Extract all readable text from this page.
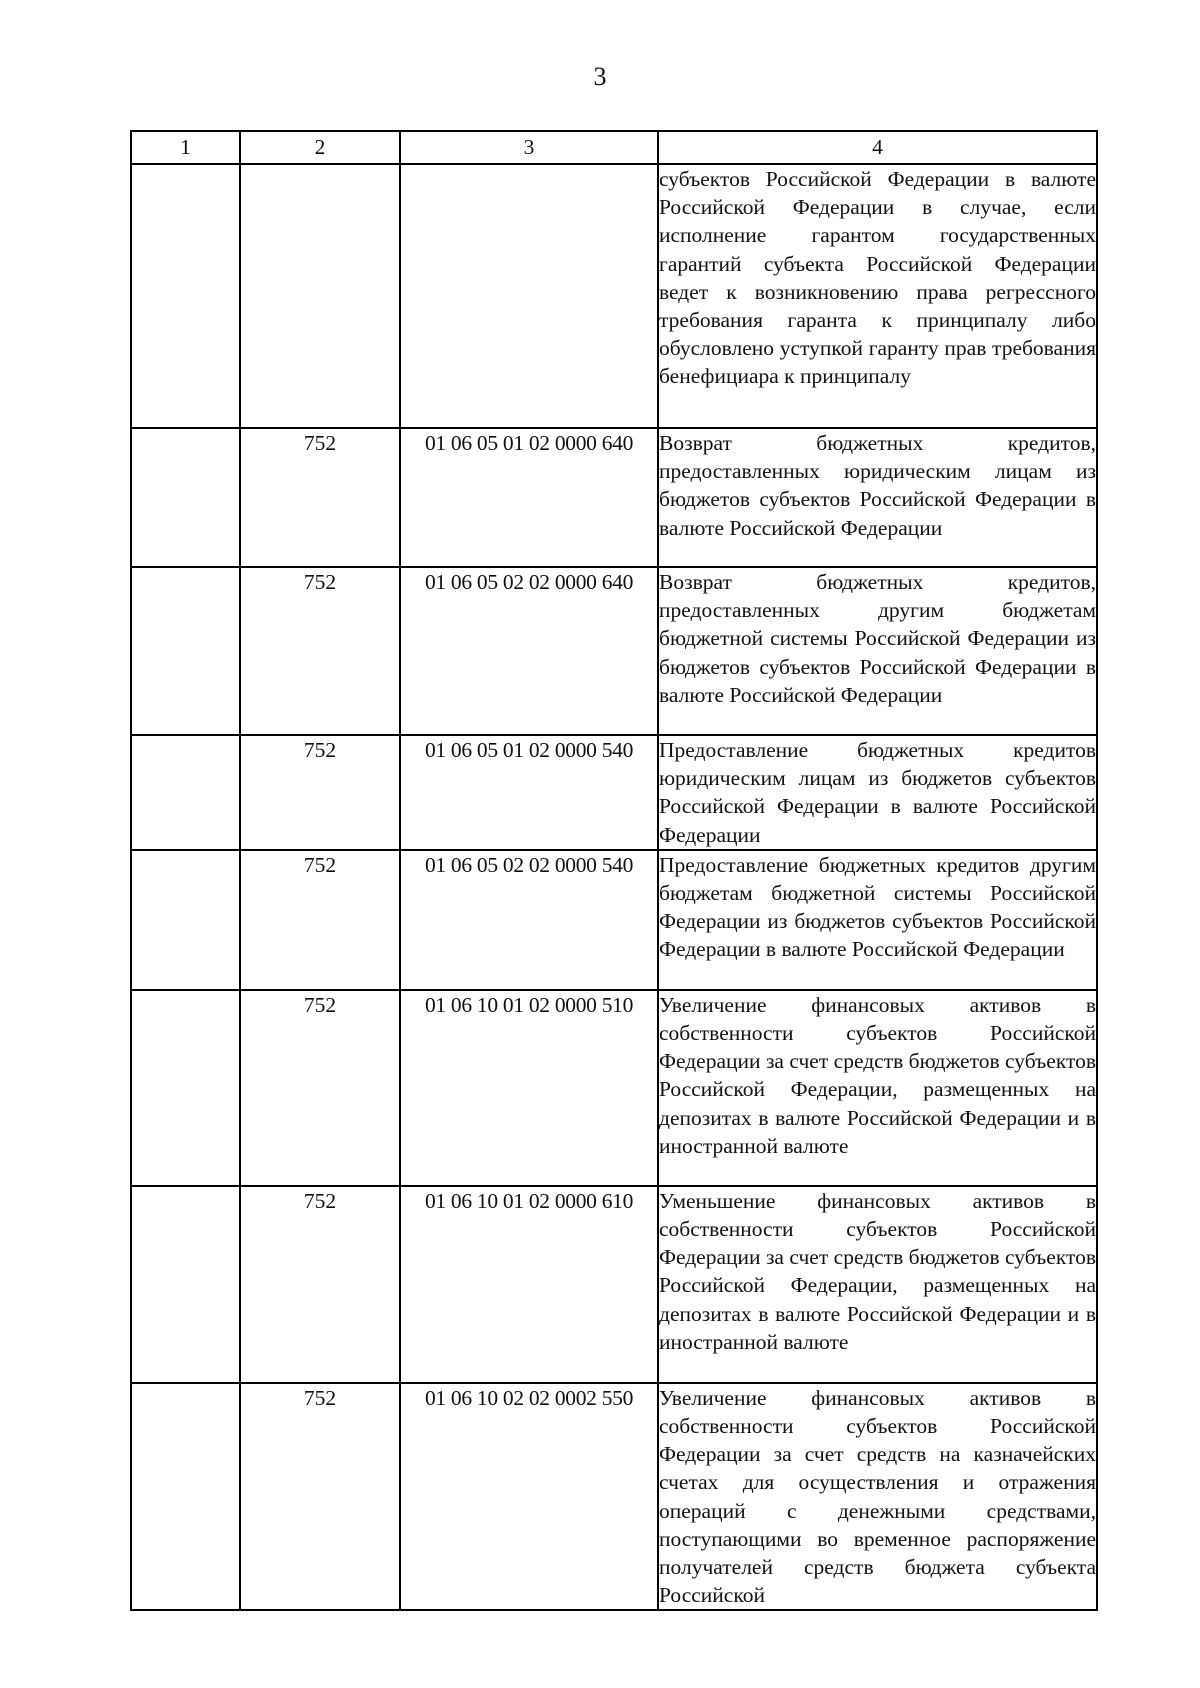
3
1	2	3	4
			субъектов Российской Федерации в валюте Российской Федерации в случае, если исполнение гарантом государственных гарантий субъекта Российской Федерации ведет к возникновению права регрессного требования гаранта к принципалу либо обусловлено уступкой гаранту прав требования бенефициара к принципалу
	752	01 06 05 01 02 0000 640	Возврат бюджетных кредитов, предоставленных юридическим лицам из бюджетов субъектов Российской Федерации в валюте Российской Федерации
	752	01 06 05 02 02 0000 640	Возврат бюджетных кредитов, предоставленных другим бюджетам бюджетной системы Российской Федерации из бюджетов субъектов Российской Федерации в валюте Российской Федерации
	752	01 06 05 01 02 0000 540	Предоставление бюджетных кредитов юридическим лицам из бюджетов субъектов Российской Федерации в валюте Российской Федерации
	752	01 06 05 02 02 0000 540	Предоставление бюджетных кредитов другим бюджетам бюджетной системы Российской Федерации из бюджетов субъектов Российской Федерации в валюте Российской Федерации
	752	01 06 10 01 02 0000 510	Увеличение финансовых активов в собственности субъектов Российской Федерации за счет средств бюджетов субъектов Российской Федерации, размещенных на депозитах в валюте Российской Федерации и в иностранной валюте
	752	01 06 10 01 02 0000 610	Уменьшение финансовых активов в собственности субъектов Российской Федерации за счет средств бюджетов субъектов Российской Федерации, размещенных на депозитах в валюте Российской Федерации и в иностранной валюте
	752	01 06 10 02 02 0002 550	Увеличение финансовых активов в собственности субъектов Российской Федерации за счет средств на казначейских счетах для осуществления и отражения операций с денежными средствами, поступающими во временное распоряжение получателей средств бюджета субъекта Российской
